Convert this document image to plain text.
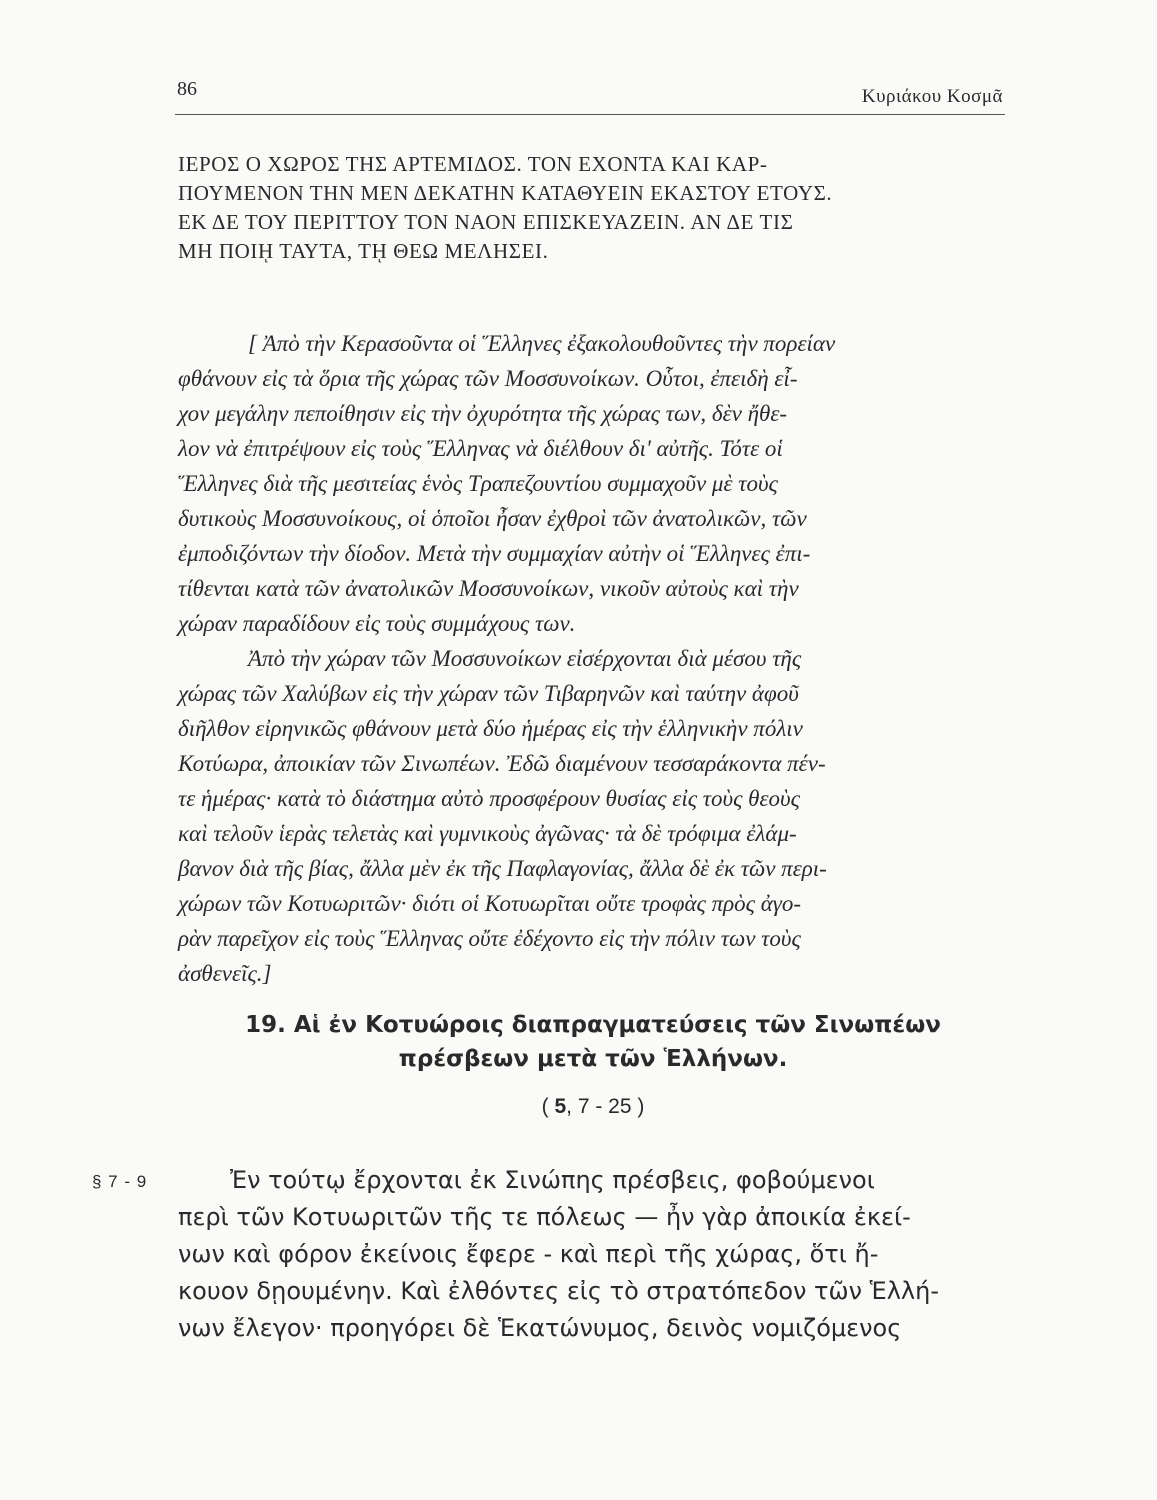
86	Κυριάκου Κοσμᾶ
ΙΕΡΟΣ Ο ΧΩΡΟΣ ΤΗΣ ΑΡΤΕΜΙΔΟΣ. ΤΟΝ ΕΧΟΝΤΑ ΚΑΙ ΚΑΡ-
ΠΟΥΜΕΝΟΝ ΤΗΝ ΜΕΝ ΔΕΚΑΤΗΝ ΚΑΤΑΘΥΕΙΝ ΕΚΑΣΤΟΥ ΕΤΟΥΣ.
ΕΚ ΔΕ ΤΟΥ ΠΕΡΙΤΤΟΥ ΤΟΝ ΝΑΟΝ ΕΠΙΣΚΕΥΑΖΕΙΝ. ΑΝ ΔΕ ΤΙΣ
ΜΗ ΠΟΙῌ ΤΑΥΤΑ, Τῌ ΘΕΩ ΜΕΛΗΣΕΙ.
[ Ἀπὸ τὴν Κερασοῦντα οἱ Ἕλληνες ἐξακολουθοῦντες τὴν πορείαν
φθάνουν εἰς τὰ ὅρια τῆς χώρας τῶν Μοσσυνοίκων. Οὗτοι, ἐπειδὴ εἶ-
χον μεγάλην πεποίθησιν εἰς τὴν ὀχυρότητα τῆς χώρας των, δὲν ἤθε-
λον νὰ ἐπιτρέψουν εἰς τοὺς Ἕλληνας νὰ διέλθουν δι' αὐτῆς. Τότε οἱ
Ἕλληνες διὰ τῆς μεσιτείας ἑνὸς Τραπεζουντίου συμμαχοῦν μὲ τοὺς
δυτικοὺς Μοσσυνοίκους, οἱ ὁποῖοι ἦσαν ἐχθροὶ τῶν ἀνατολικῶν, τῶν
ἐμποδιζόντων τὴν δίοδον. Μετὰ τὴν συμμαχίαν αὐτὴν οἱ Ἕλληνες ἐπι-
τίθενται κατὰ τῶν ἀνατολικῶν Μοσσυνοίκων, νικοῦν αὐτοὺς καὶ τὴν
χώραν παραδίδουν εἰς τοὺς συμμάχους των.
Ἀπὸ τὴν χώραν τῶν Μοσσυνοίκων εἰσέρχονται διὰ μέσου τῆς
χώρας τῶν Χαλύβων εἰς τὴν χώραν τῶν Τιβαρηνῶν καὶ ταύτην ἀφοῦ
διῆλθον εἰρηνικῶς φθάνουν μετὰ δύο ἡμέρας εἰς τὴν ἑλληνικὴν πόλιν
Κοτύωρα, ἀποικίαν τῶν Σινωπέων. Ἐδῶ διαμένουν τεσσαράκοντα πέν-
τε ἡμέρας· κατὰ τὸ διάστημα αὐτὸ προσφέρουν θυσίας εἰς τοὺς θεοὺς
καὶ τελοῦν ἱερὰς τελετὰς καὶ γυμνικοὺς ἀγῶνας· τὰ δὲ τρόφιμα ἐλάμ-
βανον διὰ τῆς βίας, ἄλλα μὲν ἐκ τῆς Παφλαγονίας, ἄλλα δὲ ἐκ τῶν περι-
χώρων τῶν Κοτυωριτῶν· διότι οἱ Κοτυωρῖται οὔτε τροφὰς πρὸς ἀγο-
ρὰν παρεῖχον εἰς τοὺς Ἕλληνας οὔτε ἐδέχοντο εἰς τὴν πόλιν των τοὺς
ἀσθενεῖς.]
19. Αἱ ἐν Κοτυώροις διαπραγματεύσεις τῶν Σινωπέων
πρέσβεων μετὰ τῶν Ἑλλήνων.
( 5, 7 - 25 )
§ 7 - 9	Ἐν τούτῳ ἔρχονται ἐκ Σινώπης πρέσβεις, φοβούμενοι
περὶ τῶν Κοτυωριτῶν τῆς τε πόλεως — ἦν γὰρ ἀποικία ἐκεί-
νων καὶ φόρον ἐκείνοις ἔφερε - καὶ περὶ τῆς χώρας, ὅτι ἤ-
κουον δῃουμένην. Καὶ ἐλθόντες εἰς τὸ στρατόπεδον τῶν Ἑλλή-
νων ἔλεγον· προηγόρει δὲ Ἑκατώνυμος, δεινὸς νομιζόμενος
